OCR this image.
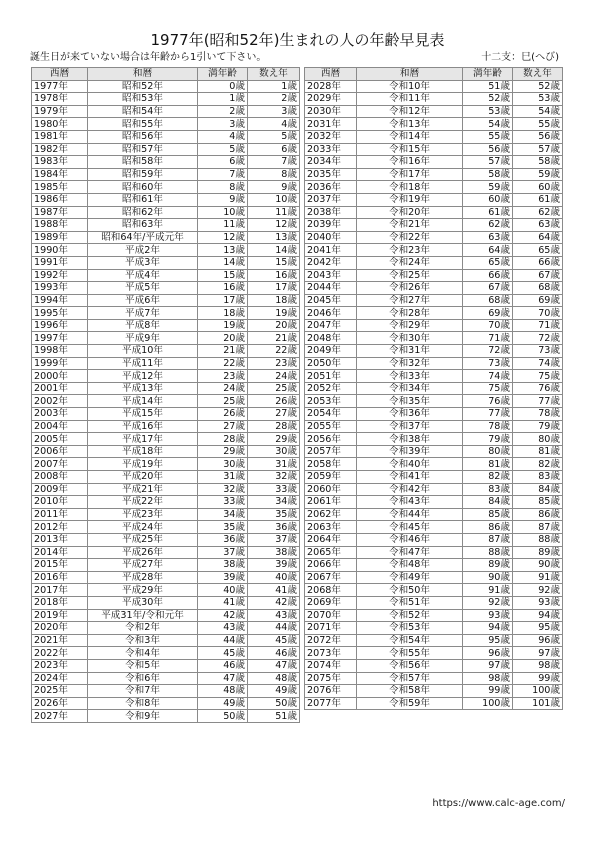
1977年(昭和52年)生まれの人の年齢早見表
誕生日が来ていない場合は年齢から1引いて下さい。	十二支：巳(へび)
西暦	和暦	満年齢	数え年
1977年	昭和52年	0歳	1歳
1978年	昭和53年	1歳	2歳
1979年	昭和54年	2歳	3歳
1980年	昭和55年	3歳	4歳
1981年	昭和56年	4歳	5歳
1982年	昭和57年	5歳	6歳
1983年	昭和58年	6歳	7歳
1984年	昭和59年	7歳	8歳
1985年	昭和60年	8歳	9歳
1986年	昭和61年	9歳	10歳
1987年	昭和62年	10歳	11歳
1988年	昭和63年	11歳	12歳
1989年	昭和64年/平成元年	12歳	13歳
1990年	平成2年	13歳	14歳
1991年	平成3年	14歳	15歳
1992年	平成4年	15歳	16歳
1993年	平成5年	16歳	17歳
1994年	平成6年	17歳	18歳
1995年	平成7年	18歳	19歳
1996年	平成8年	19歳	20歳
1997年	平成9年	20歳	21歳
1998年	平成10年	21歳	22歳
1999年	平成11年	22歳	23歳
2000年	平成12年	23歳	24歳
2001年	平成13年	24歳	25歳
2002年	平成14年	25歳	26歳
2003年	平成15年	26歳	27歳
2004年	平成16年	27歳	28歳
2005年	平成17年	28歳	29歳
2006年	平成18年	29歳	30歳
2007年	平成19年	30歳	31歳
2008年	平成20年	31歳	32歳
2009年	平成21年	32歳	33歳
2010年	平成22年	33歳	34歳
2011年	平成23年	34歳	35歳
2012年	平成24年	35歳	36歳
2013年	平成25年	36歳	37歳
2014年	平成26年	37歳	38歳
2015年	平成27年	38歳	39歳
2016年	平成28年	39歳	40歳
2017年	平成29年	40歳	41歳
2018年	平成30年	41歳	42歳
2019年	平成31年/令和元年	42歳	43歳
2020年	令和2年	43歳	44歳
2021年	令和3年	44歳	45歳
2022年	令和4年	45歳	46歳
2023年	令和5年	46歳	47歳
2024年	令和6年	47歳	48歳
2025年	令和7年	48歳	49歳
2026年	令和8年	49歳	50歳
2027年	令和9年	50歳	51歳
西暦	和暦	満年齢	数え年
2028年	令和10年	51歳	52歳
2029年	令和11年	52歳	53歳
2030年	令和12年	53歳	54歳
2031年	令和13年	54歳	55歳
2032年	令和14年	55歳	56歳
2033年	令和15年	56歳	57歳
2034年	令和16年	57歳	58歳
2035年	令和17年	58歳	59歳
2036年	令和18年	59歳	60歳
2037年	令和19年	60歳	61歳
2038年	令和20年	61歳	62歳
2039年	令和21年	62歳	63歳
2040年	令和22年	63歳	64歳
2041年	令和23年	64歳	65歳
2042年	令和24年	65歳	66歳
2043年	令和25年	66歳	67歳
2044年	令和26年	67歳	68歳
2045年	令和27年	68歳	69歳
2046年	令和28年	69歳	70歳
2047年	令和29年	70歳	71歳
2048年	令和30年	71歳	72歳
2049年	令和31年	72歳	73歳
2050年	令和32年	73歳	74歳
2051年	令和33年	74歳	75歳
2052年	令和34年	75歳	76歳
2053年	令和35年	76歳	77歳
2054年	令和36年	77歳	78歳
2055年	令和37年	78歳	79歳
2056年	令和38年	79歳	80歳
2057年	令和39年	80歳	81歳
2058年	令和40年	81歳	82歳
2059年	令和41年	82歳	83歳
2060年	令和42年	83歳	84歳
2061年	令和43年	84歳	85歳
2062年	令和44年	85歳	86歳
2063年	令和45年	86歳	87歳
2064年	令和46年	87歳	88歳
2065年	令和47年	88歳	89歳
2066年	令和48年	89歳	90歳
2067年	令和49年	90歳	91歳
2068年	令和50年	91歳	92歳
2069年	令和51年	92歳	93歳
2070年	令和52年	93歳	94歳
2071年	令和53年	94歳	95歳
2072年	令和54年	95歳	96歳
2073年	令和55年	96歳	97歳
2074年	令和56年	97歳	98歳
2075年	令和57年	98歳	99歳
2076年	令和58年	99歳	100歳
2077年	令和59年	100歳	101歳
https://www.calc-age.com/
